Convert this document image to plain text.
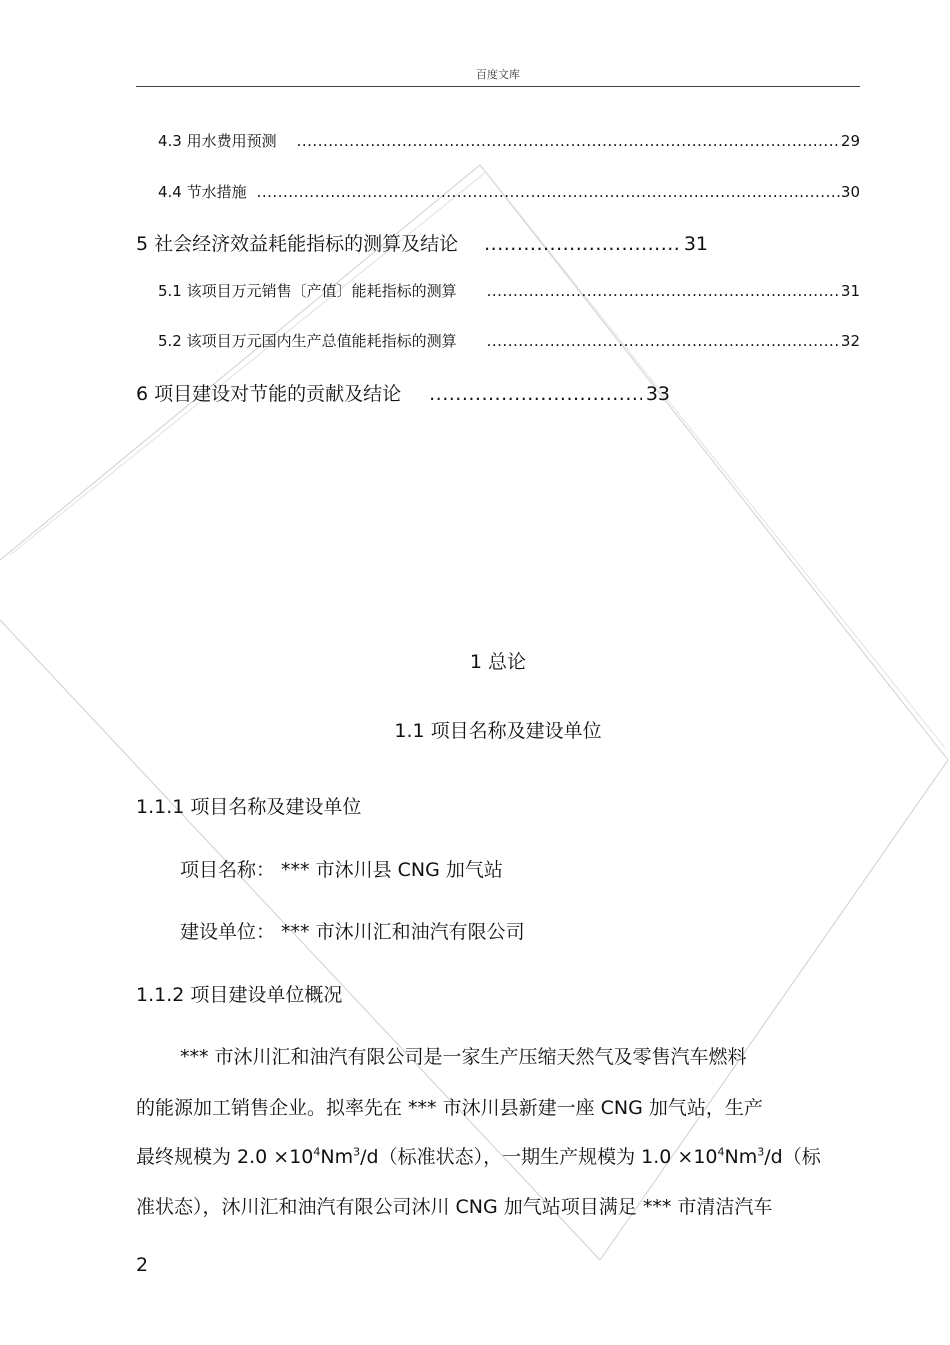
百度文库
4.3 用水费用预测 .....	29
4.4 节水措施 .....	30
5 社会经济效益耗能指标的测算及结论 .....	31
5.1 该项目万元销售〔产值〕能耗指标的测算 .....	31
5.2 该项目万元国内生产总值能耗指标的测算 .....	32
6 项目建设对节能的贡献及结论 .....	33
1 总论
1.1 项目名称及建设单位
1.1.1 项目名称及建设单位
项目名称： *** 市沐川县 CNG 加气站
建设单位： *** 市沐川汇和油汽有限公司
1.1.2 项目建设单位概况
*** 市沐川汇和油汽有限公司是一家生产压缩天然气及零售汽车燃料
的能源加工销售企业。拟率先在 *** 市沐川县新建一座 CNG 加气站，生产
最终规模为 $2.0 \times 10^4Nm^3/d$（标准状态），一期生产规模为 $1.0 \times 10^4Nm^3/d$（标
准状态），沐川汇和油汽有限公司沐川 CNG 加气站项目满足 *** 市清洁汽车
2
